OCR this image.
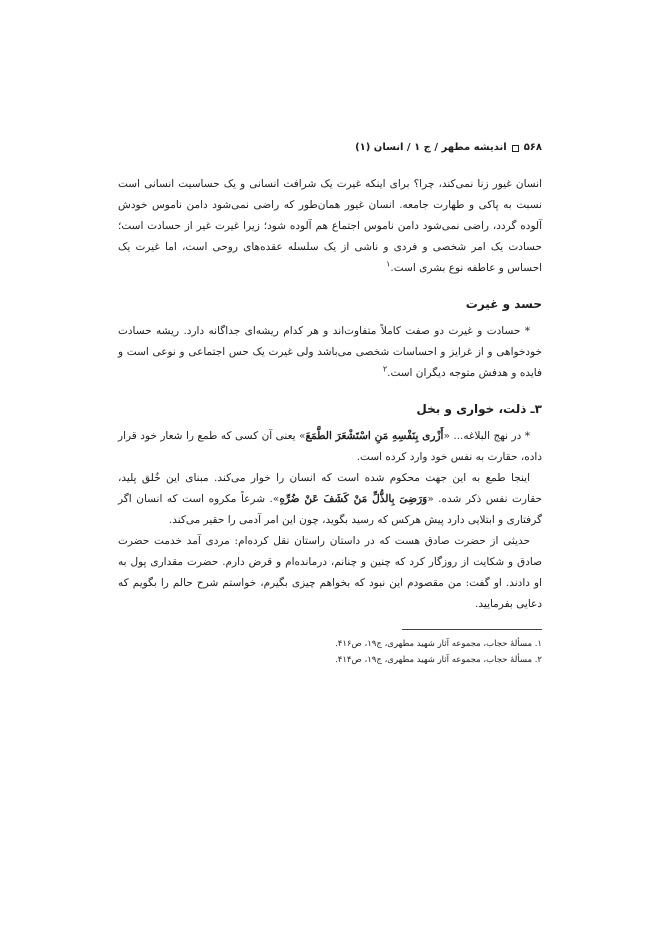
۵۶۸
اندیشه مطهر / ج ۱ / انسان (۱)

انسان غیور زنا نمی‌کند، چرا؟ برای اینکه غیرت یک شرافت انسانی و یک حساسیت انسانی است نسبت به پاکی و طهارت جامعه. انسان غیور همان‌طور که راضی نمی‌شود دامن ناموس خودش آلوده گردد، راضی نمی‌شود دامن ناموس اجتماع هم آلوده شود؛ زیرا غیرت غیر از حسادت است؛ حسادت یک امر شخصی و فردی و ناشی از یک سلسله عقده‌های روحی است، اما غیرت یک احساس و عاطفه نوع بشری است.$^۱$

حسد و غیرت

* حسادت و غیرت دو صفت کاملاً متفاوت‌اند و هر کدام ریشه‌ای جداگانه دارد. ریشه حسادت خودخواهی و از غرایز و احساسات شخصی می‌باشد ولی غیرت یک حس اجتماعی و نوعی است و فایده و هدفش متوجه دیگران است.$^۲$

۳ـ ذلت، خواری و بخل

* در نهج البلاغه... «أَزْرى بِنَفْسِهِ مَنِ اسْتَشْعَرَ الطَّمَعَ» یعنی آن کسی که طمع را شعار خود قرار داده، حقارت به نفس خود وارد کرده است.

اینجا طمع به این جهت محکوم شده است که انسان را خوار می‌کند. مبنای این خُلق پلید، حقارت نفس ذکر شده. «وَرَضِیَ بِالذُّلِّ مَنْ کَشَفَ عَنْ ضُرِّهِ». شرعاً مکروه است که انسان اگر گرفتاری و ابتلایی دارد پیش هرکس که رسید بگوید، چون این امر آدمی را حقیر می‌کند.

حدیثی از حضرت صادق هست که در داستان راستان نقل کرده‌ام: مردی آمد خدمت حضرت صادق و شکایت از روزگار کرد که چنین و چنانم، درمانده‌ام و قرض دارم. حضرت مقداری پول به او دادند. او گفت: من مقصودم این نبود که بخواهم چیزی بگیرم، خواستم شرح حالم را بگویم که دعایی بفرمایید.

۱. مسألهٔ حجاب، مجموعه آثار شهید مطهری، ج۱۹، ص۴۱۶.
۲. مسألهٔ حجاب، مجموعه آثار شهید مطهری، ج۱۹، ص۴۱۴.
